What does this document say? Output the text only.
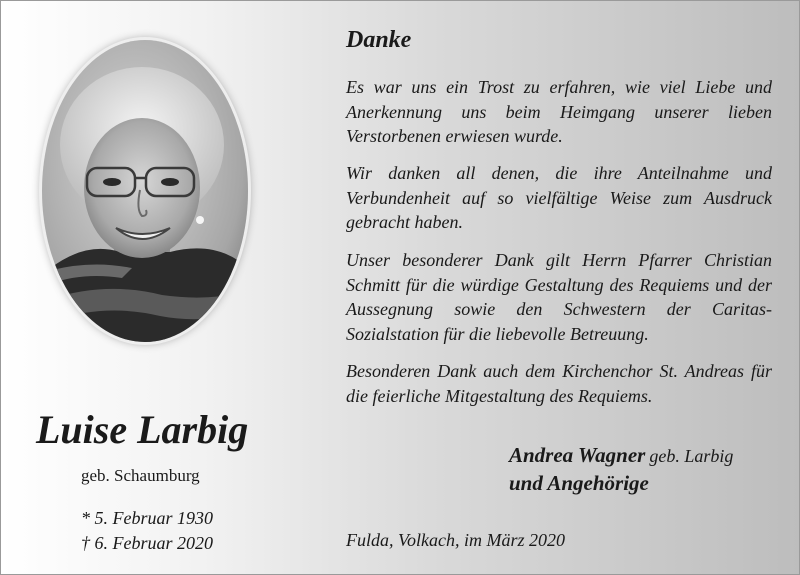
Luise Larbig
geb. Schaumburg
* 5. Februar 1930
† 6. Februar 2020
Danke

Es war uns ein Trost zu erfahren, wie viel Liebe und Anerkennung uns beim Heimgang unserer lieben Verstorbenen erwiesen wurde.

Wir danken all denen, die ihre Anteilnahme und Verbundenheit auf so vielfältige Weise zum Ausdruck gebracht haben.

Unser besonderer Dank gilt Herrn Pfarrer Christian Schmitt für die würdige Gestaltung des Requiems und der Aussegnung sowie den Schwestern der Caritas-Sozialstation für die liebevolle Betreuung.

Besonderen Dank auch dem Kirchenchor St. Andreas für die feierliche Mitgestaltung des Requiems.

Andrea Wagner geb. Larbig
und Angehörige
Fulda, Volkach, im März 2020
